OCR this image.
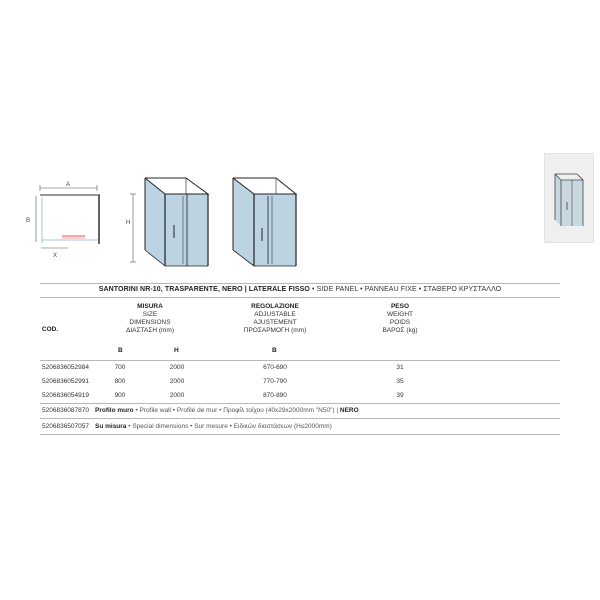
A
B
X
H
SANTORINI NR-10, TRASPARENTE, NERO | LATERALE FISSO • SIDE PANEL • PANNEAU FIXE • ΣΤΑΘΕΡΟ ΚΡΥΣΤΑΛΛΟ
COD.
MISURA
SIZE
DIMENSIONS
ΔΙΑΣΤΑΣΗ (mm)
REGOLAZIONE
ADJUSTABLE
AJUSTEMENT
ΠΡΟΣΑΡΜΟΓΗ (mm)
PESO
WEIGHT
POIDS
ΒΑΡΟΣ (kg)
B	H	B
5206836052984	700	2000	670-690	31
5206836052991	800	2000	770-790	35
5206836054919	900	2000	870-890	39
5206836087870 Profilo muro • Profile wall • Profilé de mur • Προφίλ τοίχου (40x29x2000mm "N50") | NERO
5206836507057 Su misura • Special dimensions • Sur mesure • Ειδικών διαστάσεων (H≤2000mm)
